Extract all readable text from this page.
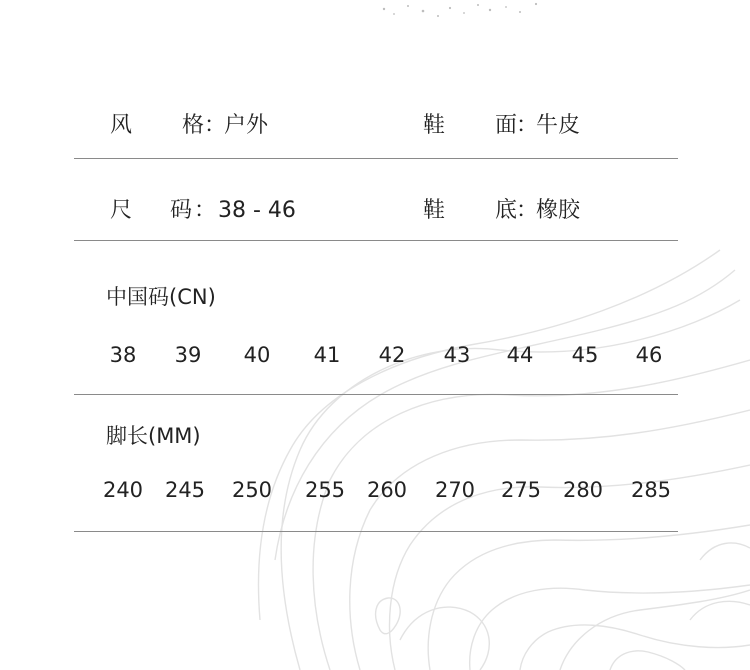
风 格 ：
户外	鞋 面 ：
牛皮
尺 码 ： 38 - 46	鞋 底 ：
橡胶
中国码(CN)
38 39 40 41 42 43 44 45 46
脚长(MM)
240 245 250 255 260 270 275 280 285
